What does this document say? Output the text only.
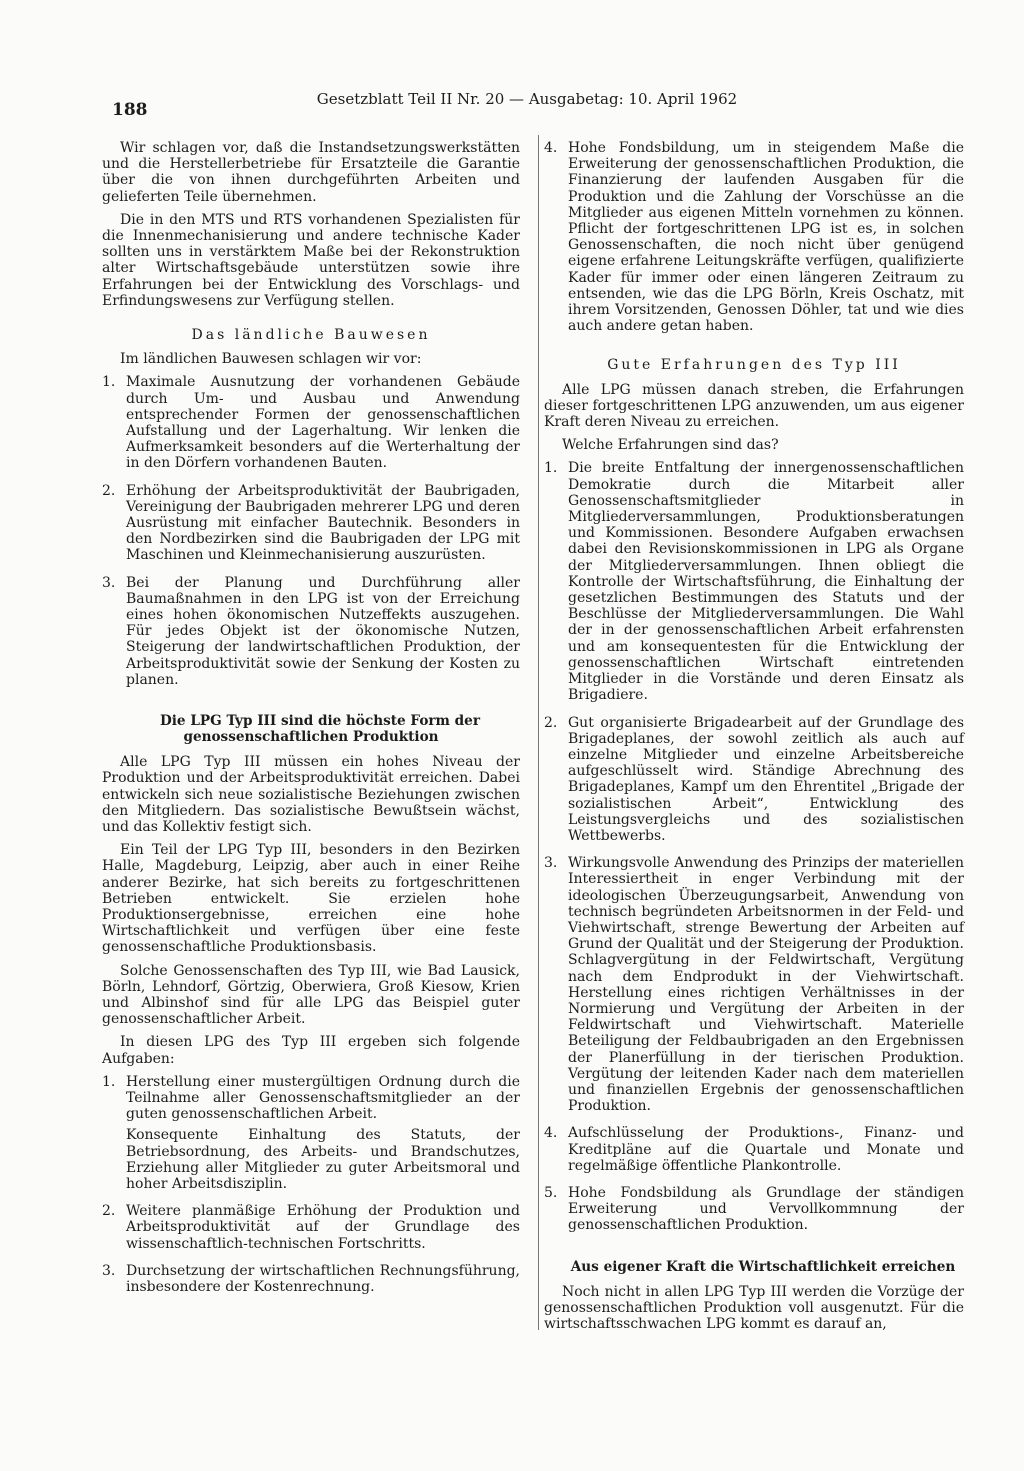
188
Gesetzblatt Teil II Nr. 20 — Ausgabetag: 10. April 1962

Wir schlagen vor, daß die Instandsetzungswerkstätten und die Herstellerbetriebe für Ersatzteile die Garantie über die von ihnen durchgeführten Arbeiten und gelieferten Teile übernehmen.

Die in den MTS und RTS vorhandenen Spezialisten für die Innenmechanisierung und andere technische Kader sollten uns in verstärktem Maße bei der Rekonstruktion alter Wirtschaftsgebäude unterstützen sowie ihre Erfahrungen bei der Entwicklung des Vorschlags- und Erfindungswesens zur Verfügung stellen.

Das ländliche Bauwesen

Im ländlichen Bauwesen schlagen wir vor:

1. Maximale Ausnutzung der vorhandenen Gebäude durch Um- und Ausbau und Anwendung entsprechender Formen der genossenschaftlichen Aufstallung und der Lagerhaltung. Wir lenken die Aufmerksamkeit besonders auf die Werterhaltung der in den Dörfern vorhandenen Bauten.

2. Erhöhung der Arbeitsproduktivität der Baubrigaden, Vereinigung der Baubrigaden mehrerer LPG und deren Ausrüstung mit einfacher Bautechnik. Besonders in den Nordbezirken sind die Baubrigaden der LPG mit Maschinen und Kleinmechanisierung auszurüsten.

3. Bei der Planung und Durchführung aller Baumaßnahmen in den LPG ist von der Erreichung eines hohen ökonomischen Nutzeffekts auszugehen. Für jedes Objekt ist der ökonomische Nutzen, Steigerung der landwirtschaftlichen Produktion, der Arbeitsproduktivität sowie der Senkung der Kosten zu planen.

Die LPG Typ III sind die höchste Form der genossenschaftlichen Produktion

Alle LPG Typ III müssen ein hohes Niveau der Produktion und der Arbeitsproduktivität erreichen. Dabei entwickeln sich neue sozialistische Beziehungen zwischen den Mitgliedern. Das sozialistische Bewußtsein wächst, und das Kollektiv festigt sich.

Ein Teil der LPG Typ III, besonders in den Bezirken Halle, Magdeburg, Leipzig, aber auch in einer Reihe anderer Bezirke, hat sich bereits zu fortgeschrittenen Betrieben entwickelt. Sie erzielen hohe Produktionsergebnisse, erreichen eine hohe Wirtschaftlichkeit und verfügen über eine feste genossenschaftliche Produktionsbasis.

Solche Genossenschaften des Typ III, wie Bad Lausick, Börln, Lehndorf, Görtzig, Oberwiera, Groß Kiesow, Krien und Albinshof sind für alle LPG das Beispiel guter genossenschaftlicher Arbeit.

In diesen LPG des Typ III ergeben sich folgende Aufgaben:

1. Herstellung einer mustergültigen Ordnung durch die Teilnahme aller Genossenschaftsmitglieder an der guten genossenschaftlichen Arbeit.

Konsequente Einhaltung des Statuts, der Betriebsordnung, des Arbeits- und Brandschutzes, Erziehung aller Mitglieder zu guter Arbeitsmoral und hoher Arbeitsdisziplin.

2. Weitere planmäßige Erhöhung der Produktion und Arbeitsproduktivität auf der Grundlage des wissenschaftlich-technischen Fortschritts.

3. Durchsetzung der wirtschaftlichen Rechnungsführung, insbesondere der Kostenrechnung.

4. Hohe Fondsbildung, um in steigendem Maße die Erweiterung der genossenschaftlichen Produktion, die Finanzierung der laufenden Ausgaben für die Produktion und die Zahlung der Vorschüsse an die Mitglieder aus eigenen Mitteln vornehmen zu können. Pflicht der fortgeschrittenen LPG ist es, in solchen Genossenschaften, die noch nicht über genügend eigene erfahrene Leitungskräfte verfügen, qualifizierte Kader für immer oder einen längeren Zeitraum zu entsenden, wie das die LPG Börln, Kreis Oschatz, mit ihrem Vorsitzenden, Genossen Döhler, tat und wie dies auch andere getan haben.

Gute Erfahrungen des Typ III

Alle LPG müssen danach streben, die Erfahrungen dieser fortgeschrittenen LPG anzuwenden, um aus eigener Kraft deren Niveau zu erreichen.

Welche Erfahrungen sind das?

1. Die breite Entfaltung der innergenossenschaftlichen Demokratie durch die Mitarbeit aller Genossenschaftsmitglieder in Mitgliederversammlungen, Produktionsberatungen und Kommissionen. Besondere Aufgaben erwachsen dabei den Revisionskommissionen in LPG als Organe der Mitgliederversammlungen. Ihnen obliegt die Kontrolle der Wirtschaftsführung, die Einhaltung der gesetzlichen Bestimmungen des Statuts und der Beschlüsse der Mitgliederversammlungen. Die Wahl der in der genossenschaftlichen Arbeit erfahrensten und am konsequentesten für die Entwicklung der genossenschaftlichen Wirtschaft eintretenden Mitglieder in die Vorstände und deren Einsatz als Brigadiere.

2. Gut organisierte Brigadearbeit auf der Grundlage des Brigadeplanes, der sowohl zeitlich als auch auf einzelne Mitglieder und einzelne Arbeitsbereiche aufgeschlüsselt wird. Ständige Abrechnung des Brigadeplanes, Kampf um den Ehrentitel „Brigade der sozialistischen Arbeit“, Entwicklung des Leistungsvergleichs und des sozialistischen Wettbewerbs.

3. Wirkungsvolle Anwendung des Prinzips der materiellen Interessiertheit in enger Verbindung mit der ideologischen Überzeugungsarbeit, Anwendung von technisch begründeten Arbeitsnormen in der Feld- und Viehwirtschaft, strenge Bewertung der Arbeiten auf Grund der Qualität und der Steigerung der Produktion. Schlagvergütung in der Feldwirtschaft, Vergütung nach dem Endprodukt in der Viehwirtschaft. Herstellung eines richtigen Verhältnisses in der Normierung und Vergütung der Arbeiten in der Feldwirtschaft und Viehwirtschaft. Materielle Beteiligung der Feldbaubrigaden an den Ergebnissen der Planerfüllung in der tierischen Produktion. Vergütung der leitenden Kader nach dem materiellen und finanziellen Ergebnis der genossenschaftlichen Produktion.

4. Aufschlüsselung der Produktions-, Finanz- und Kreditpläne auf die Quartale und Monate und regelmäßige öffentliche Plankontrolle.

5. Hohe Fondsbildung als Grundlage der ständigen Erweiterung und Vervollkommnung der genossenschaftlichen Produktion.

Aus eigener Kraft die Wirtschaftlichkeit erreichen

Noch nicht in allen LPG Typ III werden die Vorzüge der genossenschaftlichen Produktion voll ausgenutzt. Für die wirtschaftsschwachen LPG kommt es darauf an,
